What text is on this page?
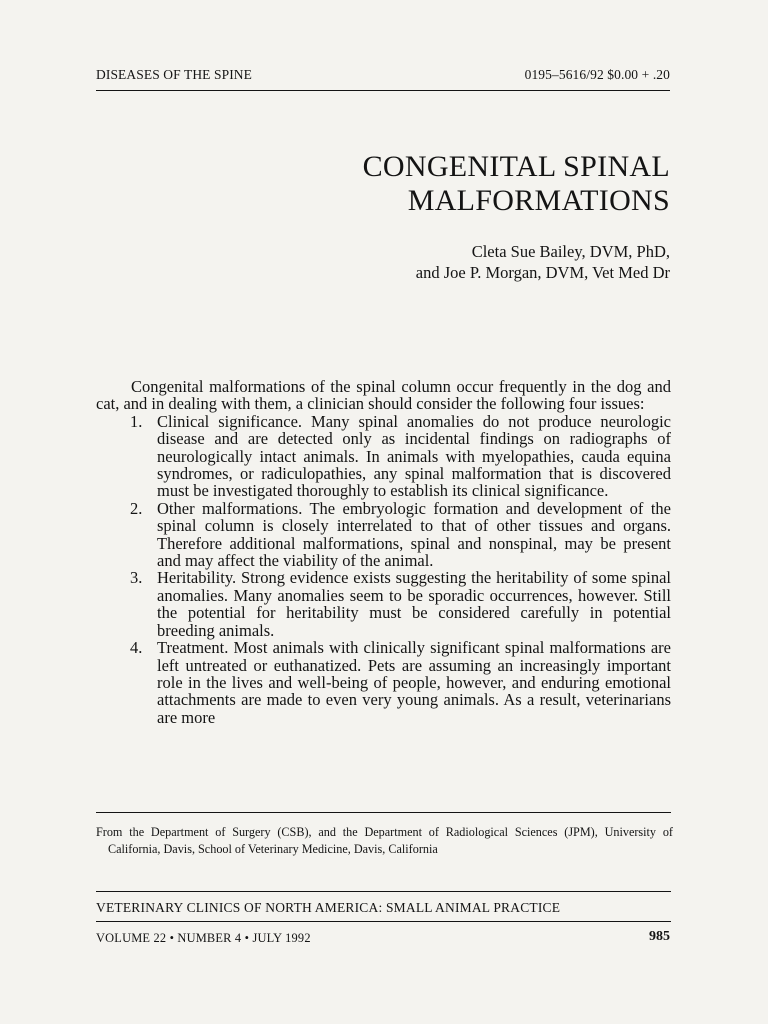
DISEASES OF THE SPINE	0195–5616/92 $0.00 + .20
CONGENITAL SPINAL
MALFORMATIONS
Cleta Sue Bailey, DVM, PhD,
and Joe P. Morgan, DVM, Vet Med Dr

Congenital malformations of the spinal column occur frequently in the dog and cat, and in dealing with them, a clinician should consider the following four issues:

1. Clinical significance. Many spinal anomalies do not produce neurologic disease and are detected only as incidental findings on radiographs of neurologically intact animals. In animals with myelopathies, cauda equina syndromes, or radiculopathies, any spinal malformation that is discovered must be investigated thoroughly to establish its clinical significance.
2. Other malformations. The embryologic formation and development of the spinal column is closely interrelated to that of other tissues and organs. Therefore additional malformations, spinal and nonspinal, may be present and may affect the viability of the animal.
3. Heritability. Strong evidence exists suggesting the heritability of some spinal anomalies. Many anomalies seem to be sporadic occurrences, however. Still the potential for heritability must be considered carefully in potential breeding animals.
4. Treatment. Most animals with clinically significant spinal malformations are left untreated or euthanatized. Pets are assuming an increasingly important role in the lives and well-being of people, however, and enduring emotional attachments are made to even very young animals. As a result, veterinarians are more
From the Department of Surgery (CSB), and the Department of Radiological Sciences (JPM), University of California, Davis, School of Veterinary Medicine, Davis, California
VETERINARY CLINICS OF NORTH AMERICA: SMALL ANIMAL PRACTICE
VOLUME 22 • NUMBER 4 • JULY 1992	985
